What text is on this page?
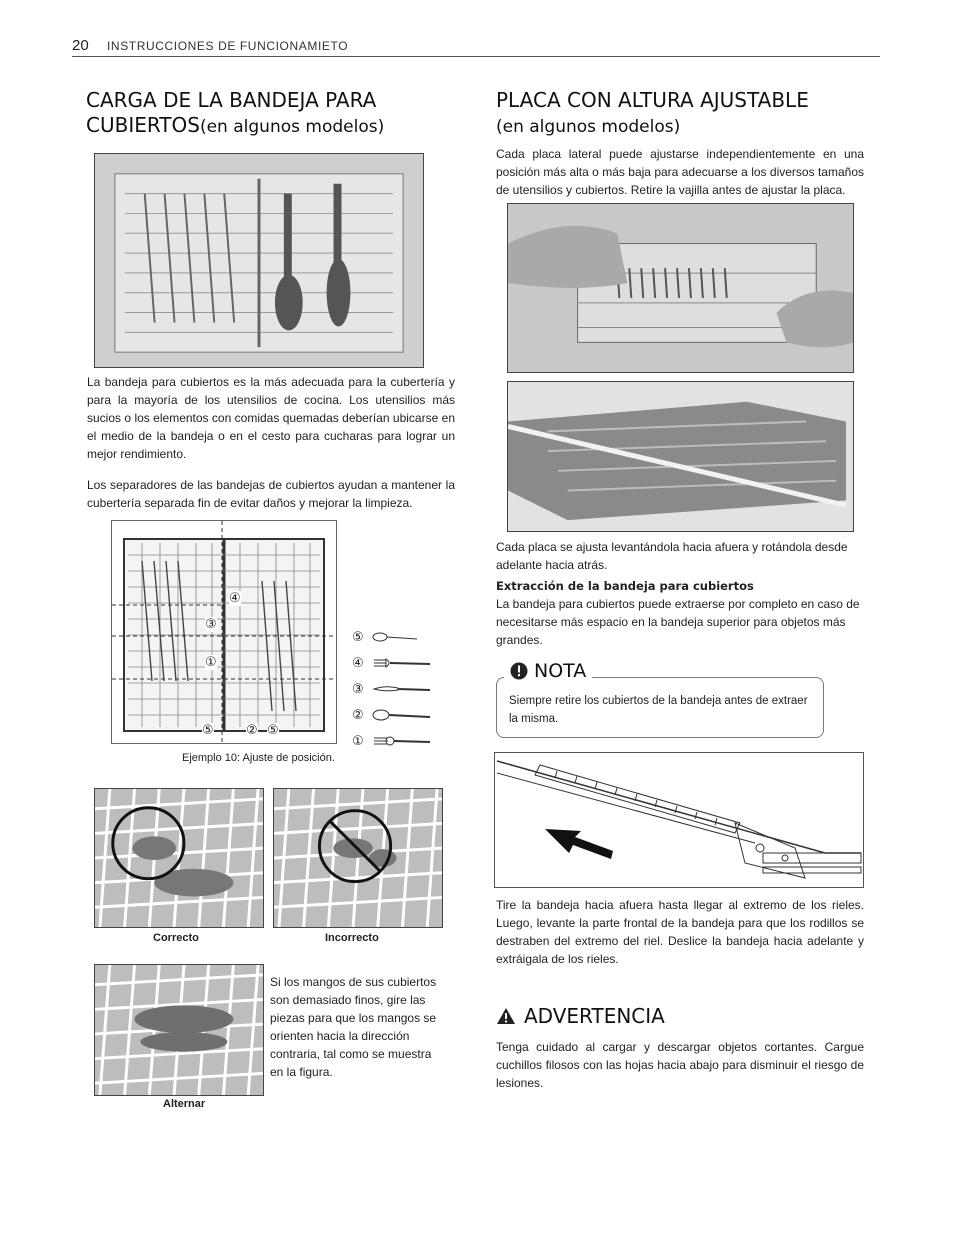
20 INSTRUCCIONES DE FUNCIONAMIETO
CARGA DE LA BANDEJA PARA
CUBIERTOS(en algunos modelos)
La bandeja para cubiertos es la más adecuada para la cubertería y para la mayoría de los utensilios de cocina. Los utensilios más sucios o los elementos con comidas quemadas deberían ubicarse en el medio de la bandeja o en el cesto para cucharas para lograr un mejor rendimiento.
Los separadores de las bandejas de cubiertos ayudan a mantener la cubertería separada fin de evitar daños y mejorar la limpieza.
④
③
①
⑤ ② ⑤
⑤
④
③
②
①
Ejemplo 10: Ajuste de posición.
Correcto	Incorrecto
Alternar
Si los mangos de sus cubiertos son demasiado finos, gire las piezas para que los mangos se orienten hacia la dirección contraria, tal como se muestra en la figura.
PLACA CON ALTURA AJUSTABLE
(en algunos modelos)
Cada placa lateral puede ajustarse independientemente en una posición más alta o más baja para adecuarse a los diversos tamaños de utensilios y cubiertos. Retire la vajilla antes de ajustar la placa.
Cada placa se ajusta levantándola hacia afuera y rotándola desde adelante hacia atrás.
Extracción de la bandeja para cubiertos
La bandeja para cubiertos puede extraerse por completo en caso de necesitarse más espacio en la bandeja superior para objetos más grandes.
NOTA
Siempre retire los cubiertos de la bandeja antes de extraer la misma.
Tire la bandeja hacia afuera hasta llegar al extremo de los rieles. Luego, levante la parte frontal de la bandeja para que los rodillos se destraben del extremo del riel. Deslice la bandeja hacia adelante y extráigala de los rieles.
ADVERTENCIA
Tenga cuidado al cargar y descargar objetos cortantes. Cargue cuchillos filosos con las hojas hacia abajo para disminuir el riesgo de lesiones.
